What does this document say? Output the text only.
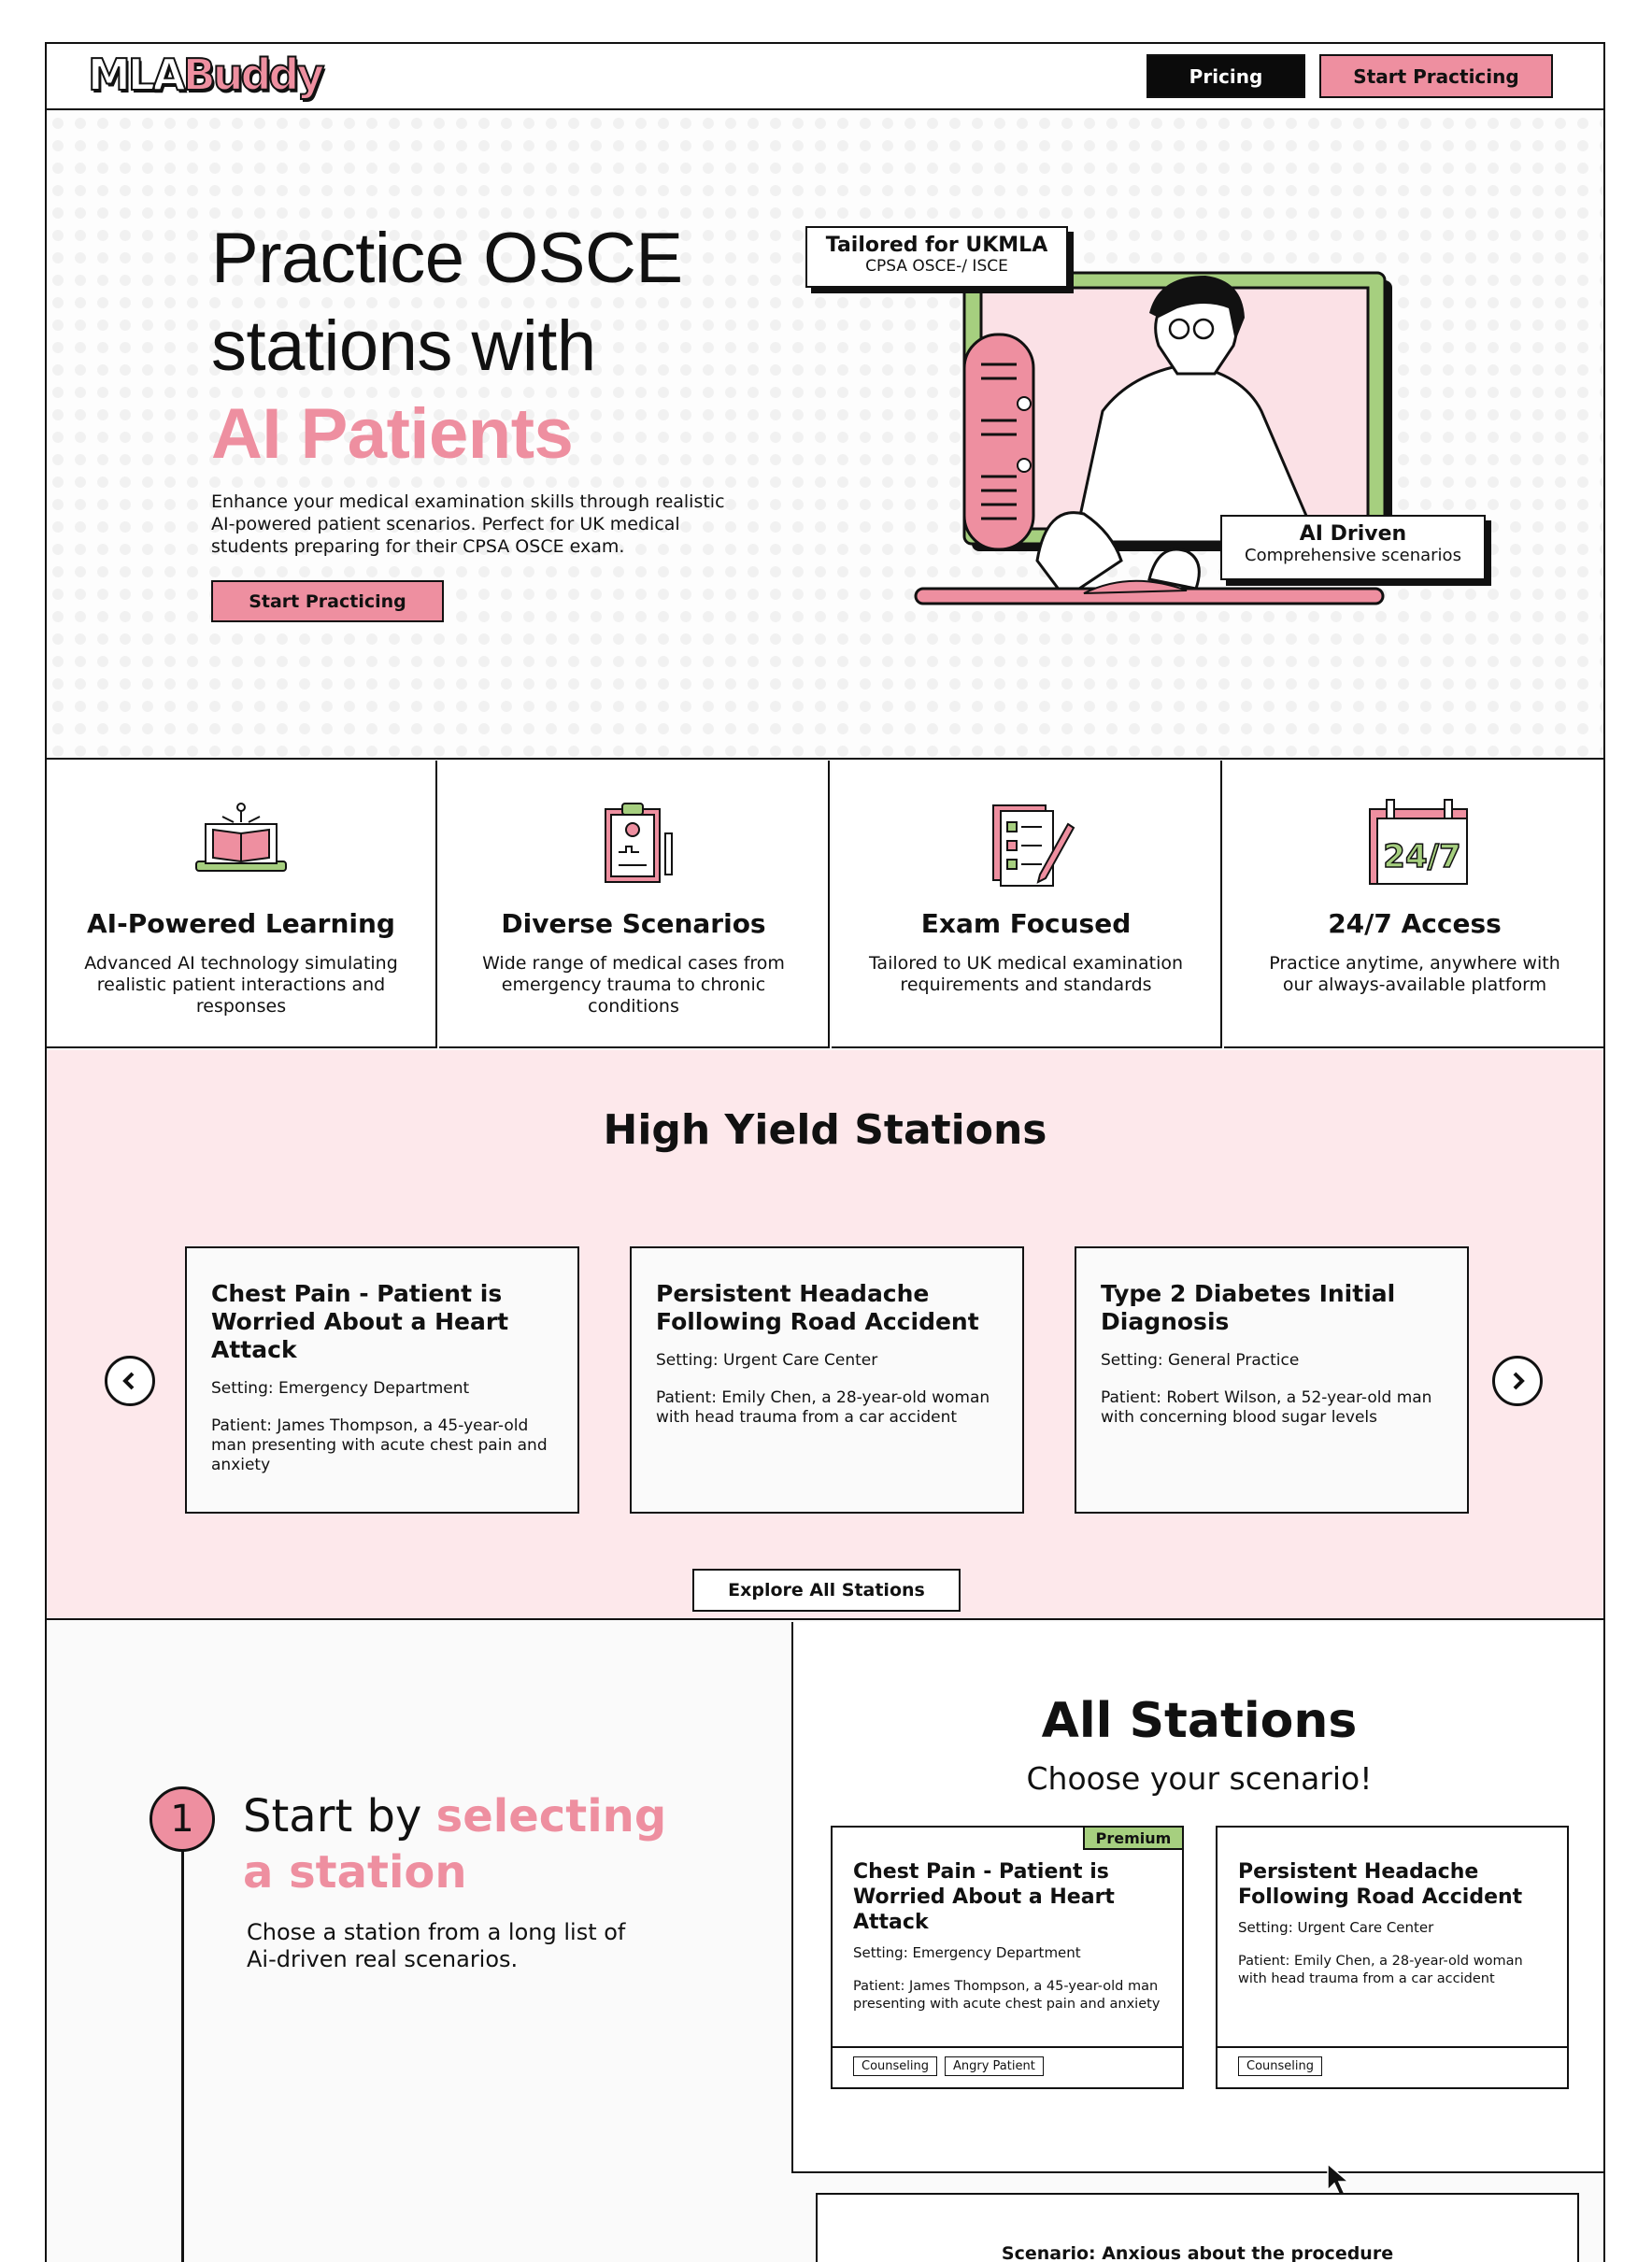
MLABuddy	Pricing	Start Practicing
Practice OSCE
stations with
AI Patients
Enhance your medical examination skills through realistic AI-powered patient scenarios. Perfect for UK medical students preparing for their CPSA OSCE exam.
Start Practicing
Tailored for UKMLA
CPSA OSCE-/ ISCE
AI Driven
Comprehensive scenarios
AI-Powered Learning

Advanced AI technology simulating realistic patient interactions and responses

Diverse Scenarios

Wide range of medical cases from emergency trauma to chronic conditions

Exam Focused

Tailored to UK medical examination requirements and standards

24/7
24/7 Access

Practice anytime, anywhere with our always-available platform

High Yield Stations
Chest Pain - Patient is Worried About a Heart Attack
Setting: Emergency Department
Patient: James Thompson, a 45-year-old man presenting with acute chest pain and anxiety
Persistent Headache Following Road Accident
Setting: Urgent Care Center
Patient: Emily Chen, a 28-year-old woman with head trauma from a car accident
Type 2 Diabetes Initial Diagnosis
Setting: General Practice
Patient: Robert Wilson, a 52-year-old man with concerning blood sugar levels
Explore All Stations
1	Start by selecting a station
Chose a station from a long list of Ai-driven real scenarios.
All Stations
Choose your scenario!
Premium
Chest Pain - Patient is Worried About a Heart Attack
Setting: Emergency Department
Patient: James Thompson, a 45-year-old man presenting with acute chest pain and anxiety
Counseling Angry Patient
Persistent Headache Following Road Accident
Setting: Urgent Care Center
Patient: Emily Chen, a 28-year-old woman with head trauma from a car accident
Counseling
Scenario: Anxious about the procedure
